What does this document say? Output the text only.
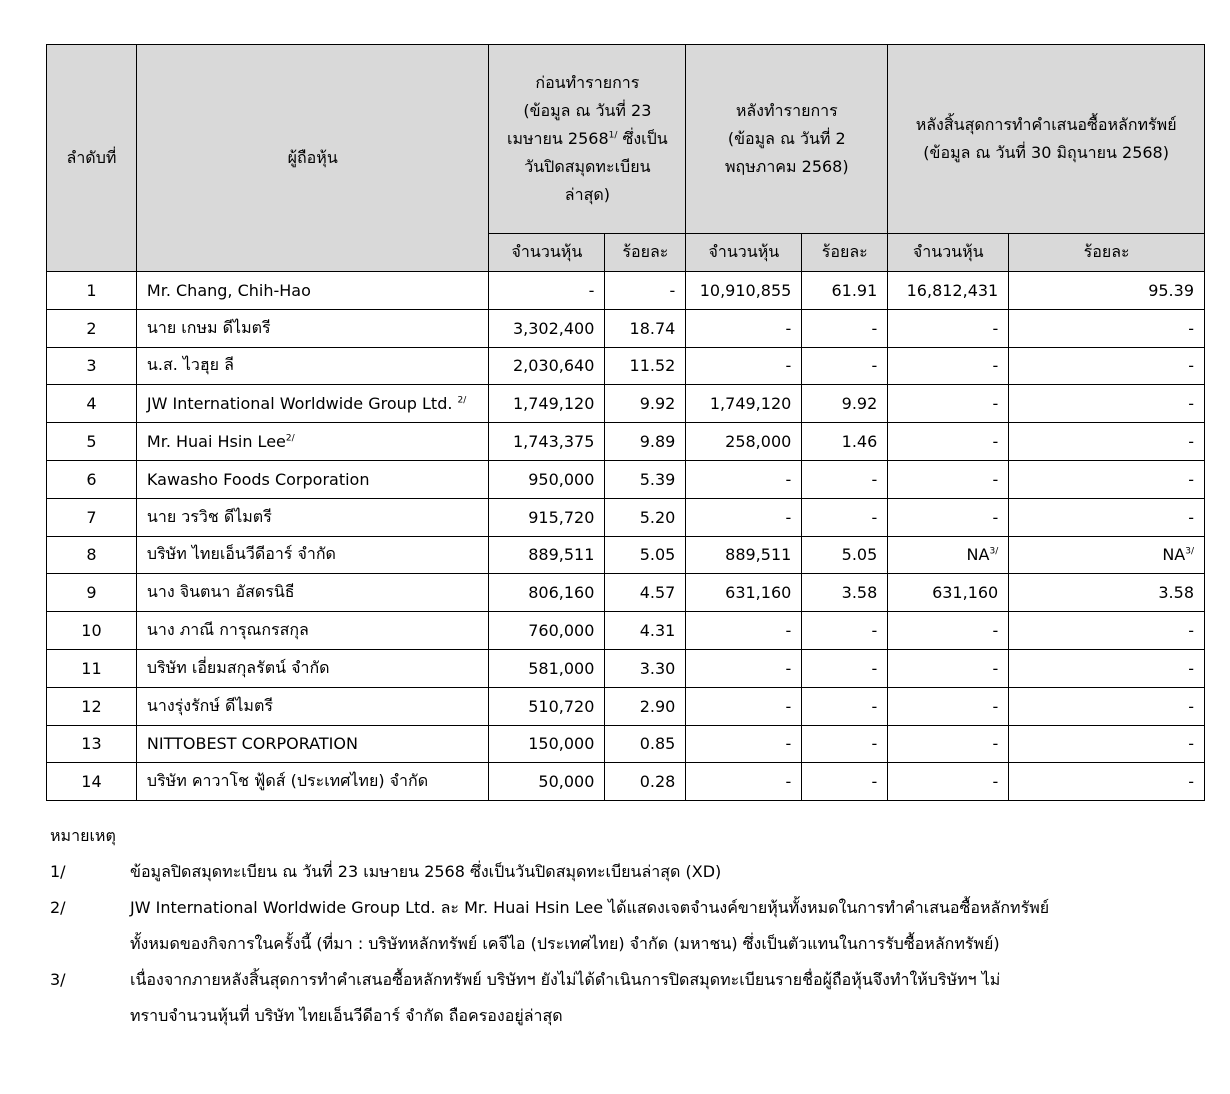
ลำดับที่	ผู้ถือหุ้น	ก่อนทำรายการ
(ข้อมูล ณ วันที่ 23
เมษายน $2568^{1/}$ ซึ่งเป็น
วันปิดสมุดทะเบียน
ล่าสุด)		หลังทำรายการ
(ข้อมูล ณ วันที่ 2
พฤษภาคม 2568)		หลังสิ้นสุดการทำคำเสนอซื้อหลักทรัพย์
(ข้อมูล ณ วันที่ 30 มิถุนายน 2568)	
		จำนวนหุ้น	ร้อยละ	จำนวนหุ้น	ร้อยละ	จำนวนหุ้น	ร้อยละ
1	Mr. Chang, Chih-Hao	-	-	10,910,855	61.91	16,812,431	95.39
2	นาย เกษม ดีไมตรี	3,302,400	18.74	-	-	-	-
3	น.ส. ไวฮุย ลี	2,030,640	11.52	-	-	-	-
4	JW International Worldwide Group Ltd. $^{2/}$	1,749,120	9.92	1,749,120	9.92	-	-
5	Mr. Huai Hsin Lee$^{2/}$	1,743,375	9.89	258,000	1.46	-	-
6	Kawasho Foods Corporation	950,000	5.39	-	-	-	-
7	นาย วรวิช ดีไมตรี	915,720	5.20	-	-	-	-
8	บริษัท ไทยเอ็นวีดีอาร์ จำกัด	889,511	5.05	889,511	5.05	$NA^{3/}$	$NA^{3/}$
9	นาง จินตนา อัสดรนิธี	806,160	4.57	631,160	3.58	631,160	3.58
10	นาง ภาณี การุณกรสกุล	760,000	4.31	-	-	-	-
11	บริษัท เอี่ยมสกุลรัตน์ จำกัด	581,000	3.30	-	-	-	-
12	นางรุ่งรักษ์ ดีไมตรี	510,720	2.90	-	-	-	-
13	NITTOBEST CORPORATION	150,000	0.85	-	-	-	-
14	บริษัท คาวาโช ฟู้ดส์ (ประเทศไทย) จำกัด	50,000	0.28	-	-	-	-
หมายเหตุ
1/	ข้อมูลปิดสมุดทะเบียน ณ วันที่ 23 เมษายน 2568 ซึ่งเป็นวันปิดสมุดทะเบียนล่าสุด (XD)
2/	JW International Worldwide Group Ltd. ละ Mr. Huai Hsin Lee ได้แสดงเจตจำนงค์ขายหุ้นทั้งหมดในการทำคำเสนอซื้อหลักทรัพย์
ทั้งหมดของกิจการในครั้งนี้ (ที่มา : บริษัทหลักทรัพย์ เคจีไอ (ประเทศไทย) จำกัด (มหาชน) ซึ่งเป็นตัวแทนในการรับซื้อหลักทรัพย์)
3/	เนื่องจากภายหลังสิ้นสุดการทำคำเสนอซื้อหลักทรัพย์ บริษัทฯ ยังไม่ได้ดำเนินการปิดสมุดทะเบียนรายชื่อผู้ถือหุ้นจึงทำให้บริษัทฯ ไม่
ทราบจำนวนหุ้นที่ บริษัท ไทยเอ็นวีดีอาร์ จำกัด ถือครองอยู่ล่าสุด
